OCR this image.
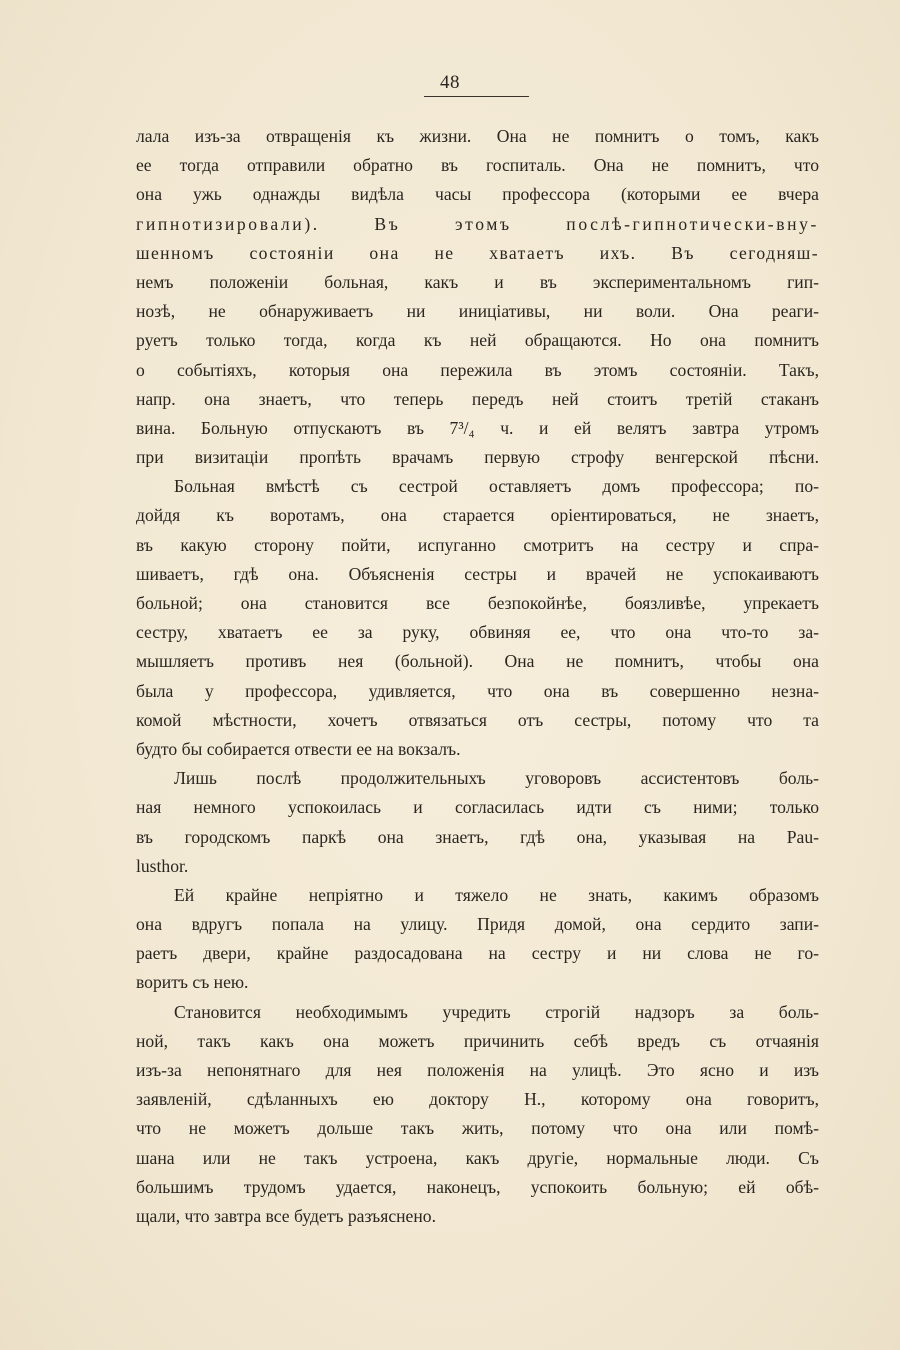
48

лала изъ-за отвращенія къ жизни. Она не помнитъ о томъ, какъ
ее тогда отправили обратно въ госпиталь. Она не помнитъ, что
она ужь однажды видѣла часы профессора (которыми ее вчера
гипнотизировали). Въ этомъ послѣ-гипнотически-вну-
шенномъ состояніи она не хватаетъ ихъ. Въ сегодняш-
немъ положеніи больная, какъ и въ экспериментальномъ гип-
нозѣ, не обнаруживаетъ ни иниціативы, ни воли. Она реаги-
руетъ только тогда, когда къ ней обращаются. Но она помнитъ
о событіяхъ, которыя она пережила въ этомъ состояніи. Такъ,
напр. она знаетъ, что теперь передъ ней стоитъ третій стаканъ
вина. Больную отпускаютъ въ 7³/₄ ч. и ей велятъ завтра утромъ
при визитаціи пропѣть врачамъ первую строфу венгерской пѣсни.

Больная вмѣстѣ съ сестрой оставляетъ домъ профессора; по-
дойдя къ воротамъ, она старается оріентироваться, не знаетъ,
въ какую сторону пойти, испуганно смотритъ на сестру и спра-
шиваетъ, гдѣ она. Объясненія сестры и врачей не успокаиваютъ
больной; она становится все безпокойнѣе, боязливѣе, упрекаетъ
сестру, хватаетъ ее за руку, обвиняя ее, что она что-то за-
мышляетъ противъ нея (больной). Она не помнитъ, чтобы она
была у профессора, удивляется, что она въ совершенно незна-
комой мѣстности, хочетъ отвязаться отъ сестры, потому что та
будто бы собирается отвести ее на вокзалъ.

Лишь послѣ продолжительныхъ уговоровъ ассистентовъ боль-
ная немного успокоилась и согласилась идти съ ними; только
въ городскомъ паркѣ она знаетъ, гдѣ она, указывая на Pau-
lusthor.

Ей крайне непріятно и тяжело не знать, какимъ образомъ
она вдругъ попала на улицу. Придя домой, она сердито запи-
раетъ двери, крайне раздосадована на сестру и ни слова не го-
воритъ съ нею.

Становится необходимымъ учредить строгій надзоръ за боль-
ной, такъ какъ она можетъ причинить себѣ вредъ съ отчаянія
изъ-за непонятнаго для нея положенія на улицѣ. Это ясно и изъ
заявленій, сдѣланныхъ ею доктору Н., которому она говоритъ,
что не можетъ дольше такъ жить, потому что она или помѣ-
шана или не такъ устроена, какъ другіе, нормальные люди. Съ
большимъ трудомъ удается, наконецъ, успокоить больную; ей обѣ-
щали, что завтра все будетъ разъяснено.
